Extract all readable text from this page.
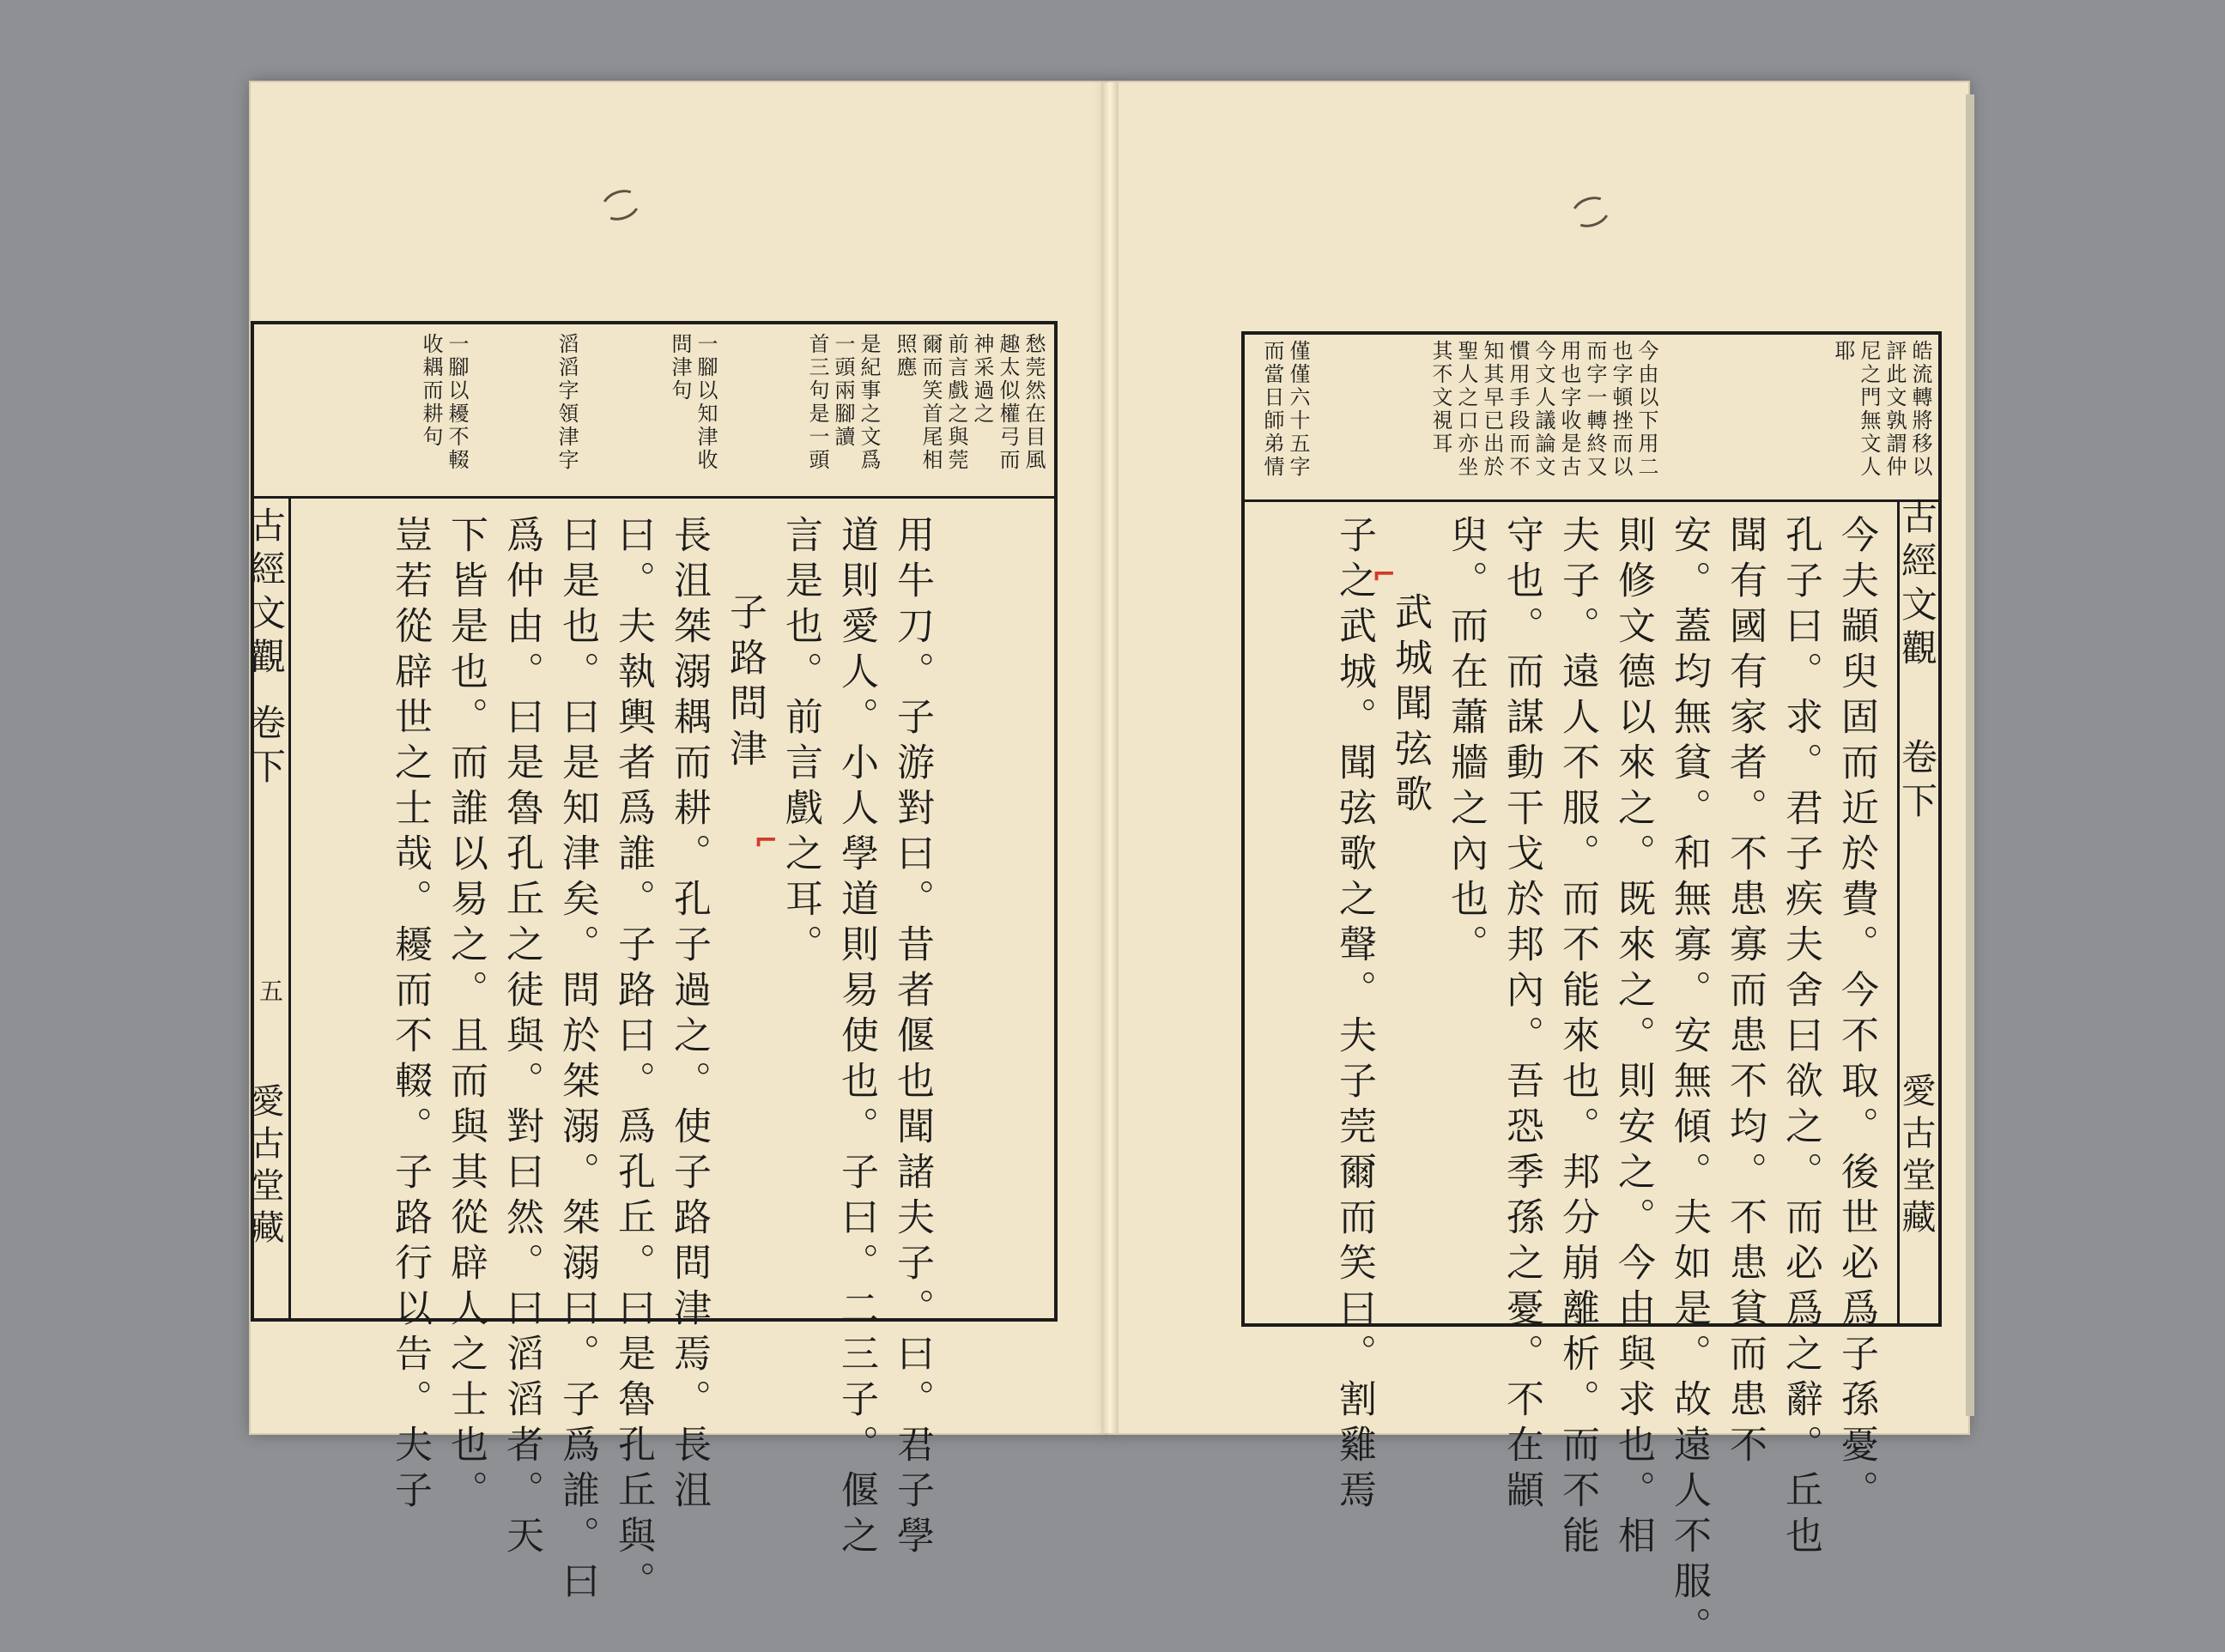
古經文觀
卷下
五
愛古堂藏	用牛刀。子游對曰。昔者偃也聞諸夫子。曰。君子學
道則愛人。小人學道則易使也。子曰。二三子。偃之
言是也。前言戲之耳。
子路問津
長沮桀溺耦而耕。孔子過之。使子路問津焉。長沮
曰。夫執輿者爲誰。子路曰。爲孔丘。曰是魯孔丘與。
曰是也。曰是知津矣。問於桀溺。桀溺曰。子爲誰。曰
爲仲由。曰是魯孔丘之徒與。對曰然。曰滔滔者。天
下皆是也。而誰以易之。且而與其從辟人之士也。
豈若從辟世之士哉。耰而不輟。子路行以告。夫子
愁莞然在目風
趣太似權弓而
神采過之
前言戲之與莞
爾而笑首尾相
照應
是紀事之文爲
一頭兩腳讀
首三句是一頭
一腳以知津收
問津句
滔滔字領津字
一腳以耰不輟
收耦而耕句
⌐
古經文觀
卷下
愛古堂藏
今夫顓臾固而近於費。今不取。後世必爲子孫憂。
孔子曰。求。君子疾夫舍曰欲之。而必爲之辭。丘也
聞有國有家者。不患寡而患不均。不患貧而患不
安。蓋均無貧。和無寡。安無傾。夫如是。故遠人不服。
則修文德以來之。既來之。則安之。今由與求也。相
夫子。遠人不服。而不能來也。邦分崩離析。而不能
守也。而謀動干戈於邦內。吾恐季孫之憂。不在顓
臾。而在蕭牆之內也。
武城聞弦歌
子之武城。聞弦歌之聲。夫子莞爾而笑曰。割雞焉
皓流轉將移以
評此文孰謂仲
尼之門無文人
耶
今由以下用二
也字頓挫而以
而字一轉終又
用也字收是古
今文人議論文
慣用手段而不
知其早已出於
聖人之口亦坐
其不文視耳
僅僅六十五字
而當日師弟情
⌐
